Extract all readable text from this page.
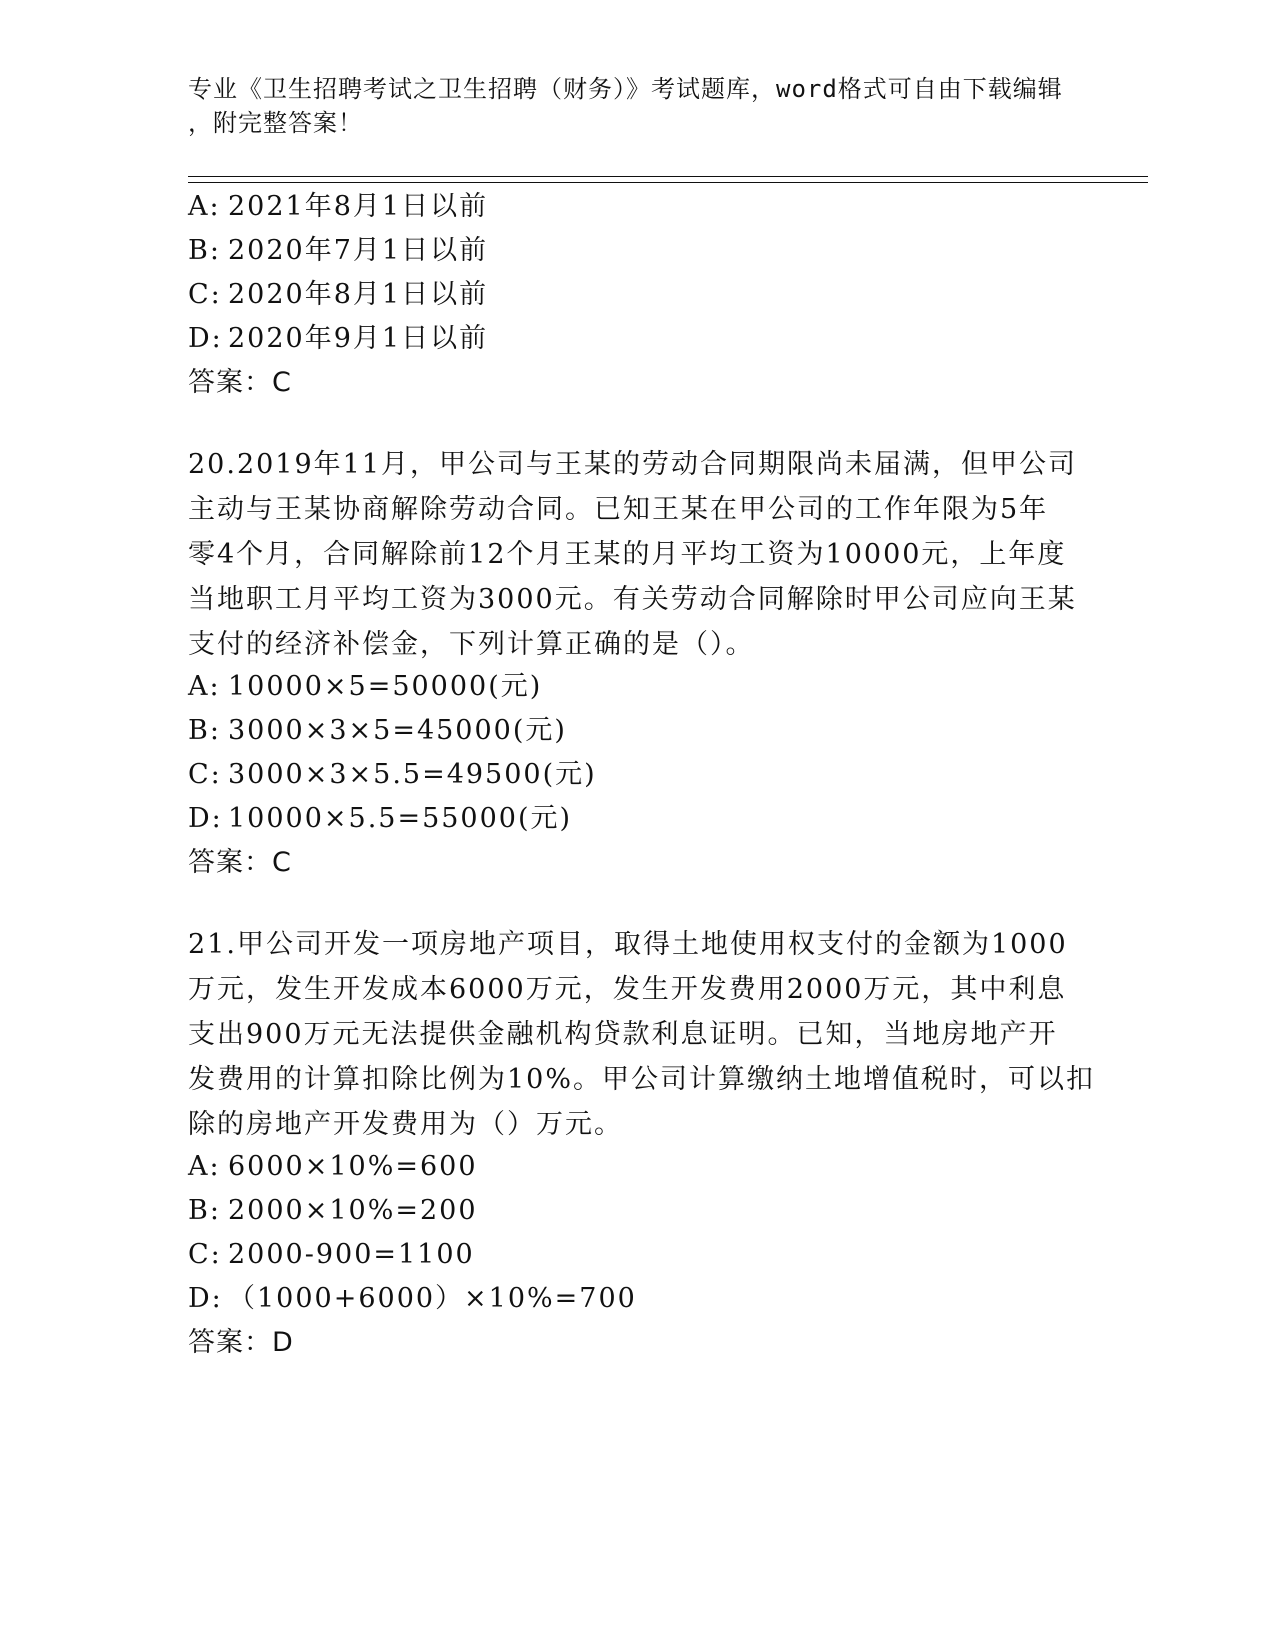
专业《卫生招聘考试之卫生招聘（财务）》考试题库，word格式可自由下载编辑
，附完整答案！
A: 2021年8月1日以前
B: 2020年7月1日以前
C: 2020年8月1日以前
D: 2020年9月1日以前
答案：C
20.2019年11月，甲公司与王某的劳动合同期限尚未届满，但甲公司
主动与王某协商解除劳动合同。已知王某在甲公司的工作年限为5年
零4个月，合同解除前12个月王某的月平均工资为10000元，上年度
当地职工月平均工资为3000元。有关劳动合同解除时甲公司应向王某
支付的经济补偿金，下列计算正确的是（）。
A: 10000×5=50000(元)
B: 3000×3×5=45000(元)
C: 3000×3×5.5=49500(元)
D: 10000×5.5=55000(元)
答案：C
21.甲公司开发一项房地产项目，取得土地使用权支付的金额为1000
万元，发生开发成本6000万元，发生开发费用2000万元，其中利息
支出900万元无法提供金融机构贷款利息证明。已知，当地房地产开
发费用的计算扣除比例为10%。甲公司计算缴纳土地增值税时，可以扣
除的房地产开发费用为（）万元。
A: 6000×10%=600
B: 2000×10%=200
C: 2000-900=1100
D: （1000+6000）×10%=700
答案：D
